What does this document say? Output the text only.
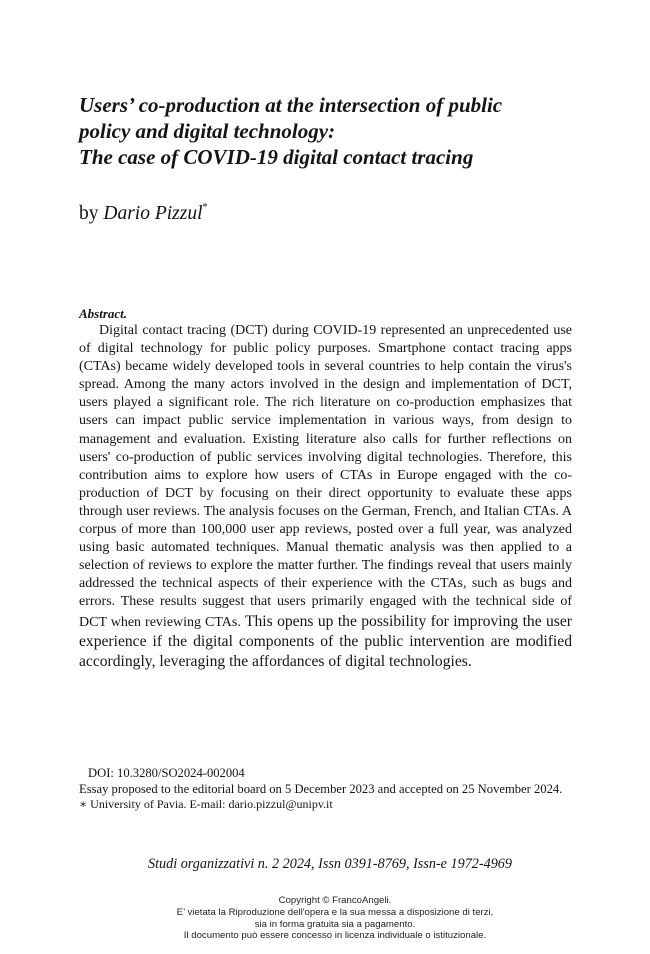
Users’ co-production at the intersection of public
policy and digital technology:
The case of COVID-19 digital contact tracing
by Dario Pizzul*
Abstract.

Digital contact tracing (DCT) during COVID-19 represented an unprecedented use of digital technology for public policy purposes. Smartphone contact tracing apps (CTAs) became widely developed tools in several countries to help contain the virus's spread. Among the many actors involved in the design and implementation of DCT, users played a significant role. The rich literature on co-production emphasizes that users can impact public service implementation in various ways, from design to management and evaluation. Existing literature also calls for further reflections on users' co-production of public services involving digital technologies. Therefore, this contribution aims to explore how users of CTAs in Europe engaged with the co-production of DCT by focusing on their direct opportunity to evaluate these apps through user reviews. The analysis focuses on the German, French, and Italian CTAs. A corpus of more than 100,000 user app reviews, posted over a full year, was analyzed using basic automated techniques. Manual thematic analysis was then applied to a selection of reviews to explore the matter further. The findings reveal that users mainly addressed the technical aspects of their experience with the CTAs, such as bugs and errors. These results suggest that users primarily engaged with the technical side of DCT when reviewing CTAs. This opens up the possibility for improving the user experience if the digital components of the public intervention are modified accordingly, leveraging the affordances of digital technologies.

DOI: 10.3280/SO2024-002004
Essay proposed to the editorial board on 5 December 2023 and accepted on 25 November 2024.
∗ University of Pavia. E-mail: dario.pizzul@unipv.it
Studi organizzativi n. 2 2024, Issn 0391-8769, Issn-e 1972-4969
Copyright © FrancoAngeli.
E’ vietata la Riproduzione dell'opera e la sua messa a disposizione di terzi,
sia in forma gratuita sia a pagamento.
Il documento può essere concesso in licenza individuale o istituzionale.
